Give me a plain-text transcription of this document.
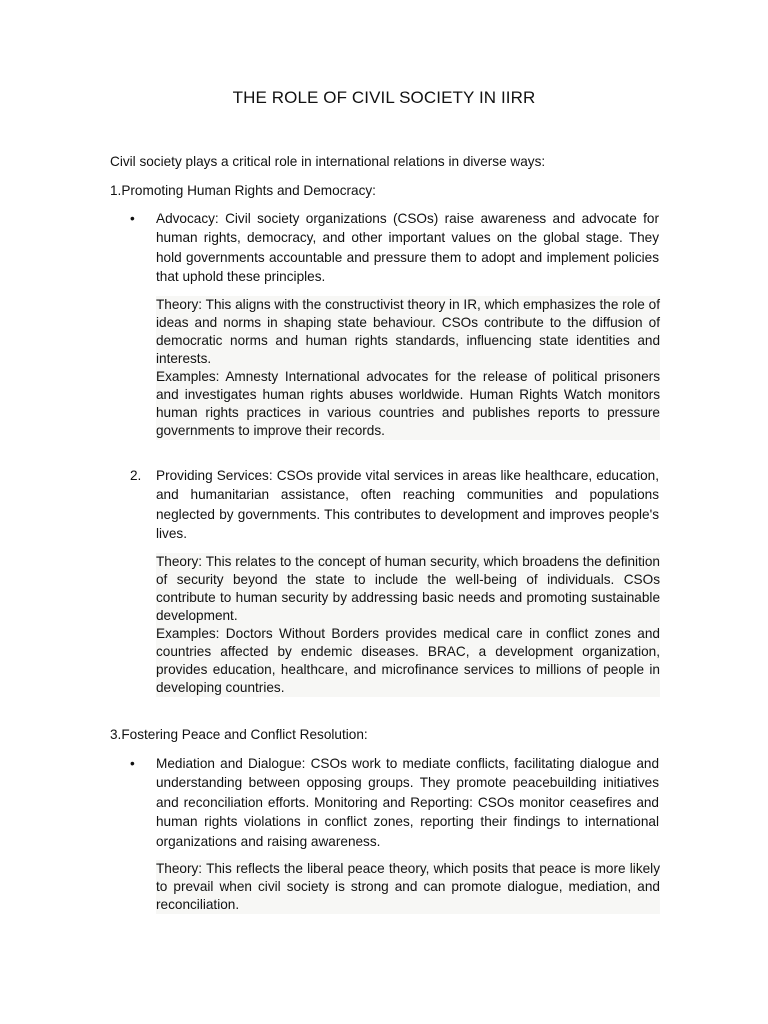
THE ROLE OF CIVIL SOCIETY IN IIRR
Civil society plays a critical role in international relations in diverse ways:
1.Promoting Human Rights and Democracy:
•	Advocacy: Civil society organizations (CSOs) raise awareness and advocate for human rights, democracy, and other important values on the global stage. They hold governments accountable and pressure them to adopt and implement policies that uphold these principles.

Theory: This aligns with the constructivist theory in IR, which emphasizes the role of ideas and norms in shaping state behaviour. CSOs contribute to the diffusion of democratic norms and human rights standards, influencing state identities and interests.

Examples: Amnesty International advocates for the release of political prisoners and investigates human rights abuses worldwide. Human Rights Watch monitors human rights practices in various countries and publishes reports to pressure governments to improve their records.

2.	Providing Services: CSOs provide vital services in areas like healthcare, education, and humanitarian assistance, often reaching communities and populations neglected by governments. This contributes to development and improves people's lives.

Theory: This relates to the concept of human security, which broadens the definition of security beyond the state to include the well-being of individuals. CSOs contribute to human security by addressing basic needs and promoting sustainable development.

Examples: Doctors Without Borders provides medical care in conflict zones and countries affected by endemic diseases. BRAC, a development organization, provides education, healthcare, and microfinance services to millions of people in developing countries.

3.Fostering Peace and Conflict Resolution:
•	Mediation and Dialogue: CSOs work to mediate conflicts, facilitating dialogue and understanding between opposing groups. They promote peacebuilding initiatives and reconciliation efforts. Monitoring and Reporting: CSOs monitor ceasefires and human rights violations in conflict zones, reporting their findings to international organizations and raising awareness.

Theory: This reflects the liberal peace theory, which posits that peace is more likely to prevail when civil society is strong and can promote dialogue, mediation, and reconciliation.
